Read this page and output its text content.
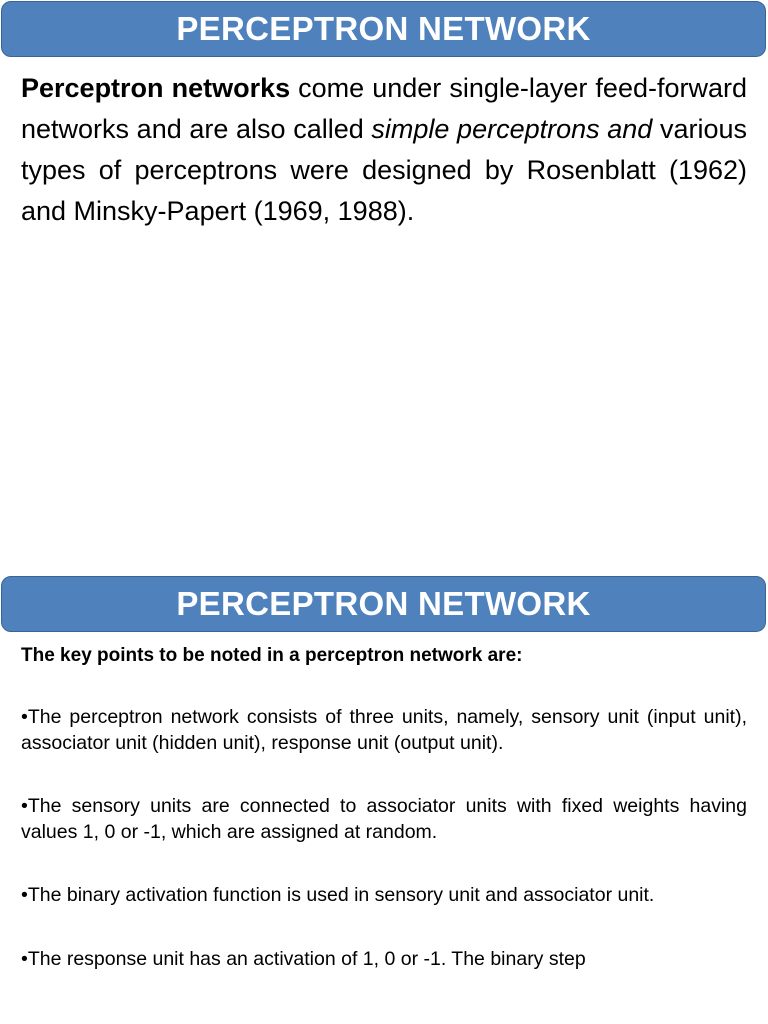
PERCEPTRON NETWORK

Perceptron networks come under single-layer feed-forward networks and are also called simple perceptrons and various types of perceptrons were designed by Rosenblatt (1962) and Minsky-Papert (1969, 1988).

PERCEPTRON NETWORK

The key points to be noted in a perceptron network are:

•The perceptron network consists of three units, namely, sensory unit (input unit), associator unit (hidden unit), response unit (output unit).
•The sensory units are connected to associator units with fixed weights having values 1, 0 or -1, which are assigned at random.
•The binary activation function is used in sensory unit and associator unit.
•The response unit has an activation of 1, 0 or -1. The binary step
